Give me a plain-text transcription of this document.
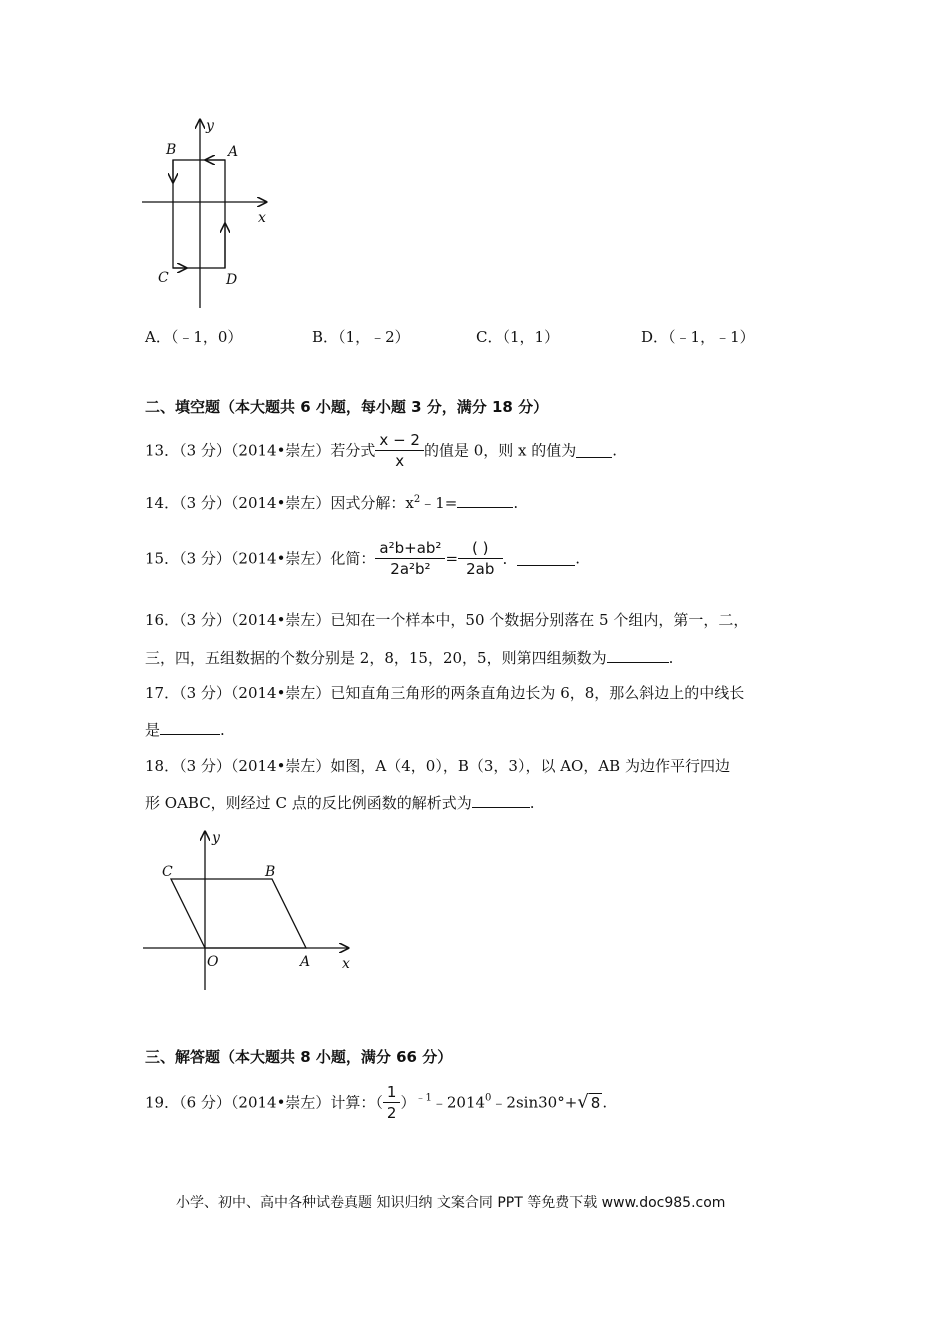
y
x
B	A
C	D
A．（﹣1，0）	B．（1，﹣2）	C．（1，1）	D．（﹣1，﹣1）
二、填空题（本大题共 6 小题，每小题 3 分，满分 18 分）
13．（3 分）（2014•崇左）若分式 $\frac{x - 2}{x}$ 的值是 0，则 x 的值为 .
14．（3 分）（2014•崇左）因式分解：$x^2﹣1=$	.
15．（3 分）（2014•崇左）化简： $\frac{\text{a²b+ab²}}{\text{2a²b²}} = \frac{( )}{2ab}$ .	.
16．（3 分）（2014•崇左）已知在一个样本中，50 个数据分别落在 5 个组内，第一，二，
三，四，五组数据的个数分别是 2，8，15，20，5，则第四组频数为	.
17．（3 分）（2014•崇左）已知直角三角形的两条直角边长为 6，8，那么斜边上的中线长
是	.
18．（3 分）（2014•崇左）如图，A（4，0），B（3，3），以 AO，AB 为边作平行四边
形 OABC，则经过 C 点的反比例函数的解析式为	.
y
x
C	B
O	A
三、解答题（本大题共 8 小题，满分 66 分）
19．（6 分）（2014•崇左）计算：（ $\frac{1}{2}$ ）$^{﹣1}﹣2014^0﹣2\sin 30^\circ+√$ 8 .
小学、初中、高中各种试卷真题 知识归纳 文案合同 PPT 等免费下载 www.doc985.com
